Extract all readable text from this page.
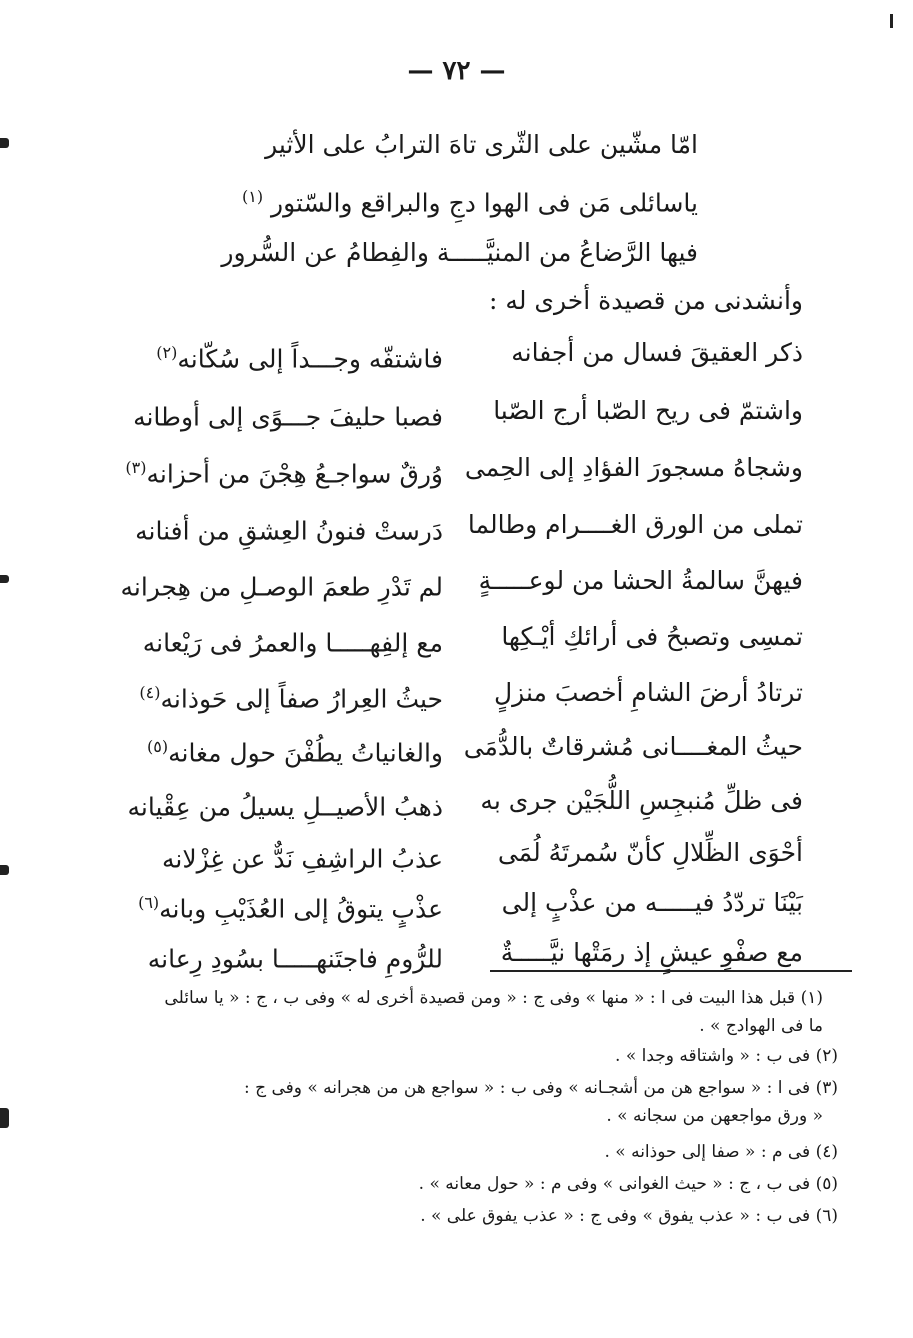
— ٧٢ —
امّا مشّين على الثّرى تاهَ الترابُ على الأثير
ياسائلى مَن فى الهوا دجِ والبراقع والسّتور $^{(١)}$
فيها الرَّضاعُ من المنيَّـــــة والفِطامُ عن السُّرور
وأنشدنى من قصيدة أخرى له :
ذكر العقيقَ فسال من أجفانه
فاشتفّه وجـــداً إلى سُكّانه$^{(٢)}$
واشتمّ فى ريح الصّبا أرج الصّبا
فصبا حليفَ جـــوًى إلى أوطانه
وشجاهُ مسجورَ الفؤادِ إلى الحِمى
وُرقٌ سواجـعُ هِجْنَ من أحزانه$^{(٣)}$
تملى من الورق الغــــرام وطالما
دَرستْ فنونُ العِشقِ من أفنانه
فيهنَّ سالمةُ الحشا من لوعـــــةٍ
لم تَدْرِ طعمَ الوصـلِ من هِجرانه
تمسِى وتصبحُ فى أرائكِ أيْـكِها
مع إلفِهـــــا والعمرُ فى رَيْعانه
ترتادُ أرضَ الشامِ أخصبَ منزلٍ
حيثُ العِرارُ صفاً إلى حَوذانه$^{(٤)}$
حيثُ المغــــانى مُشرقاتٌ بالدُّمَى
والغانياتُ يطُفْنَ حول مغانه$^{(٥)}$
فى ظلِّ مُنبجِسِ اللُّجَيْن جرى به
ذهبُ الأصيــلِ يسيلُ من عِقْيانه
أحْوَى الظِّلالِ كأنّ سُمرتَهُ لُمَى
عذبُ الراشِفِ نَدٌّ عن غِزْلانه
بَيْنَا تردّدُ فيـــــه من عذْبٍ إلى
عذْبٍ يتوقُ إلى العُذَيْبِ وبانه$^{(٦)}$
مع صفْوِ عيشٍ إذ رمَتْها نيَّـــــةٌ
للرُّومِ فاجتَنهـــــا بسُودِ رِعانه
(١) قبل هذا البيت فى ا : « منها » وفى ج : « ومن قصيدة أخرى له » وفى ب ، ج : « يا سائلى
ما فى الهوادج » .
(٢) فى ب : « واشتاقه وجدا » .
(٣) فى ا : « سواجع هن من أشجـانه » وفى ب : « سواجع هن من هجرانه » وفى ج :
« ورق مواجعهن من سجانه » .
(٤) فى م : « صفا إلى حوذانه » .
(٥) فى ب ، ج : « حيث الغوانى » وفى م : « حول معانه » .
(٦) فى ب : « عذب يفوق » وفى ج : « عذب يفوق على » .
